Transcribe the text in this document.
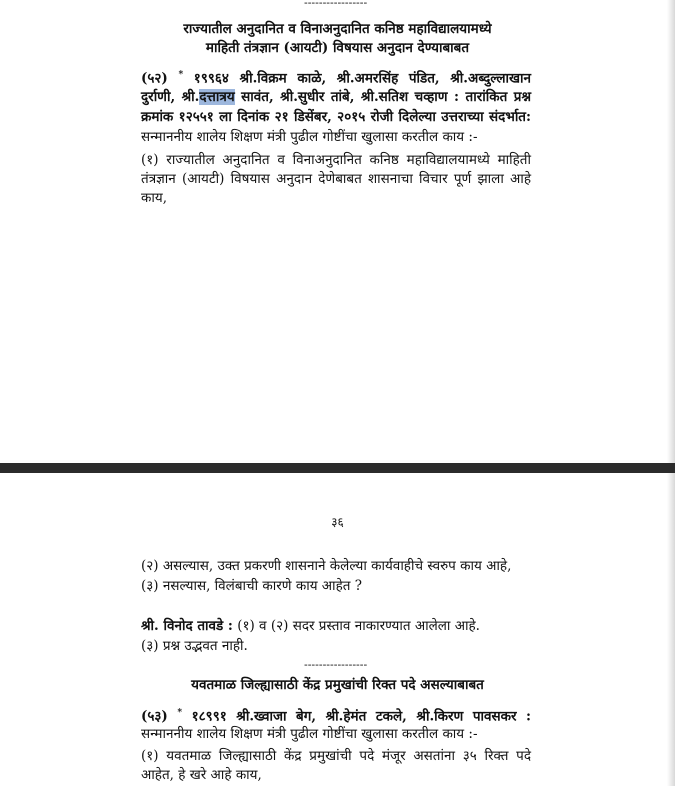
-----------------
राज्यातील अनुदानित व विनाअनुदानित कनिष्ठ महाविद्यालयामध्ये
माहिती तंत्रज्ञान (आयटी) विषयास अनुदान देण्याबाबत
(५२) * १९९६४ श्री.विक्रम काळे, श्री.अमरसिंह पंडित, श्री.अब्दुल्लाखान
दुर्राणी, श्री.दत्तात्रय सावंत, श्री.सुधीर तांबे, श्री.सतिश चव्हाण : तारांकित प्रश्न
क्रमांक १२५५१ ला दिनांक २१ डिसेंबर, २०१५ रोजी दिलेल्या उत्तराच्या संदर्भात:
सन्माननीय शालेय शिक्षण मंत्री पुढील गोष्टींचा खुलासा करतील काय :-
(१) राज्यातील अनुदानित व विनाअनुदानित कनिष्ठ महाविद्यालयामध्ये माहिती
तंत्रज्ञान (आयटी) विषयास अनुदान देणेबाबत शासनाचा विचार पूर्ण झाला आहे
काय,
३६
(२) असल्यास, उक्त प्रकरणी शासनाने केलेल्या कार्यवाहीचे स्वरुप काय आहे,
(३) नसल्यास, विलंबाची कारणे काय आहेत ?
श्री. विनोद तावडे : (१) व (२) सदर प्रस्ताव नाकारण्यात आलेला आहे.
(३) प्रश्न उद्भवत नाही.
-----------------
यवतमाळ जिल्ह्यासाठी केंद्र प्रमुखांची रिक्त पदे असल्याबाबत
(५३) * १८९९१ श्री.ख्वाजा बेग, श्री.हेमंत टकले, श्री.किरण पावसकर :
सन्माननीय शालेय शिक्षण मंत्री पुढील गोष्टींचा खुलासा करतील काय :-
(१) यवतमाळ जिल्ह्यासाठी केंद्र प्रमुखांची पदे मंजूर असतांना ३५ रिक्त पदे
आहेत, हे खरे आहे काय,
